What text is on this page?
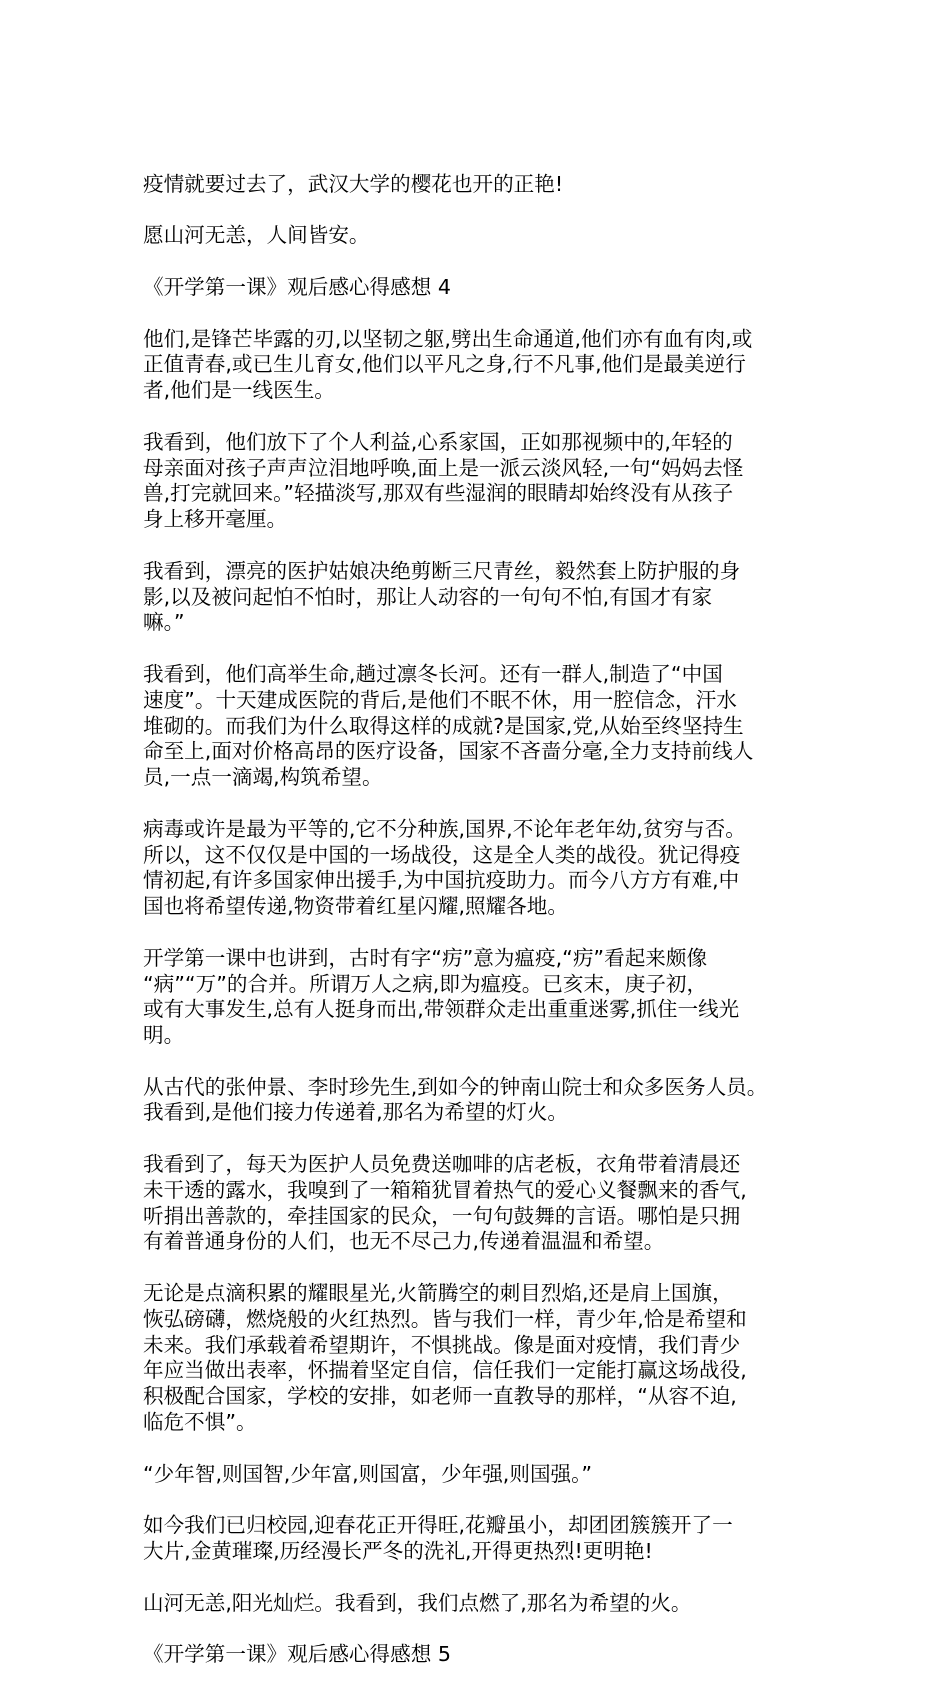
疫情就要过去了，武汉大学的樱花也开的正艳!

愿山河无恙，人间皆安。

《开学第一课》观后感心得感想 4

他们,是锋芒毕露的刃,以坚韧之躯,劈出生命通道,他们亦有血有肉,或
正值青春,或已生儿育女,他们以平凡之身,行不凡事,他们是最美逆行
者,他们是一线医生。

我看到，他们放下了个人利益,心系家国，正如那视频中的,年轻的
母亲面对孩子声声泣泪地呼唤,面上是一派云淡风轻,一句“妈妈去怪
兽,打完就回来。”轻描淡写,那双有些湿润的眼睛却始终没有从孩子
身上移开毫厘。

我看到，漂亮的医护姑娘决绝剪断三尺青丝，毅然套上防护服的身
影,以及被问起怕不怕时，那让人动容的一句句不怕,有国才有家
嘛。”

我看到，他们高举生命,趟过凛冬长河。还有一群人,制造了“中国
速度”。十天建成医院的背后,是他们不眠不休，用一腔信念，汗水
堆砌的。而我们为什么取得这样的成就?是国家,党,从始至终坚持生
命至上,面对价格高昂的医疗设备，国家不吝啬分毫,全力支持前线人
员,一点一滴竭,构筑希望。

病毒或许是最为平等的,它不分种族,国界,不论年老年幼,贫穷与否。
所以，这不仅仅是中国的一场战役，这是全人类的战役。犹记得疫
情初起,有许多国家伸出援手,为中国抗疫助力。而今八方方有难,中
国也将希望传递,物资带着红星闪耀,照耀各地。

开学第一课中也讲到，古时有字“疠”意为瘟疫,“疠”看起来颇像
“病”“万”的合并。所谓万人之病,即为瘟疫。已亥末，庚子初，
或有大事发生,总有人挺身而出,带领群众走出重重迷雾,抓住一线光
明。

从古代的张仲景、李时珍先生,到如今的钟南山院士和众多医务人员。
我看到,是他们接力传递着,那名为希望的灯火。

我看到了，每天为医护人员免费送咖啡的店老板，衣角带着清晨还
未干透的露水，我嗅到了一箱箱犹冒着热气的爱心义餐飘来的香气,
听捐出善款的，牵挂国家的民众，一句句鼓舞的言语。哪怕是只拥
有着普通身份的人们，也无不尽己力,传递着温温和希望。

无论是点滴积累的耀眼星光,火箭腾空的刺目烈焰,还是肩上国旗，
恢弘磅礴，燃烧般的火红热烈。皆与我们一样，青少年,恰是希望和
未来。我们承载着希望期许，不惧挑战。像是面对疫情，我们青少
年应当做出表率，怀揣着坚定自信，信任我们一定能打赢这场战役,
积极配合国家，学校的安排，如老师一直教导的那样，“从容不迫,
临危不惧”。

“少年智,则国智,少年富,则国富，少年强,则国强。”

如今我们已归校园,迎春花正开得旺,花瓣虽小，却团团簇簇开了一
大片,金黄璀璨,历经漫长严冬的洗礼,开得更热烈!更明艳!

山河无恙,阳光灿烂。我看到，我们点燃了,那名为希望的火。

《开学第一课》观后感心得感想 5
